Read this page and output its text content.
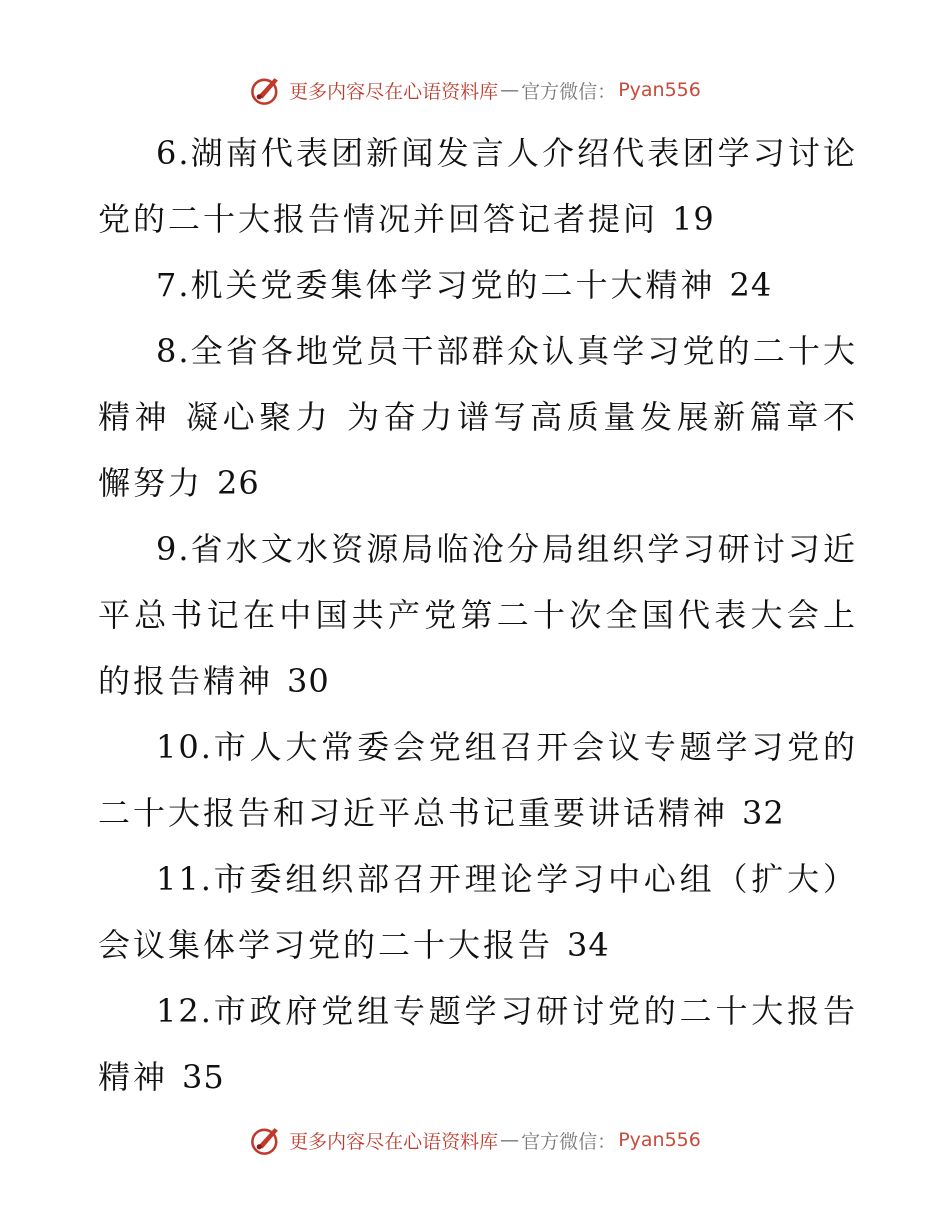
更多内容尽在心语资料库 — 官方微信： Pyan556
6.湖南代表团新闻发言人介绍代表团学习讨论党的二十大报告情况并回答记者提问 19
7.机关党委集体学习党的二十大精神 24
8.全省各地党员干部群众认真学习党的二十大精神 凝心聚力 为奋力谱写高质量发展新篇章不懈努力 26
9.省水文水资源局临沧分局组织学习研讨习近平总书记在中国共产党第二十次全国代表大会上的报告精神 30
10.市人大常委会党组召开会议专题学习党的二十大报告和习近平总书记重要讲话精神 32
11.市委组织部召开理论学习中心组（扩大）会议集体学习党的二十大报告 34
12.市政府党组专题学习研讨党的二十大报告精神 35
更多内容尽在心语资料库 — 官方微信： Pyan556
